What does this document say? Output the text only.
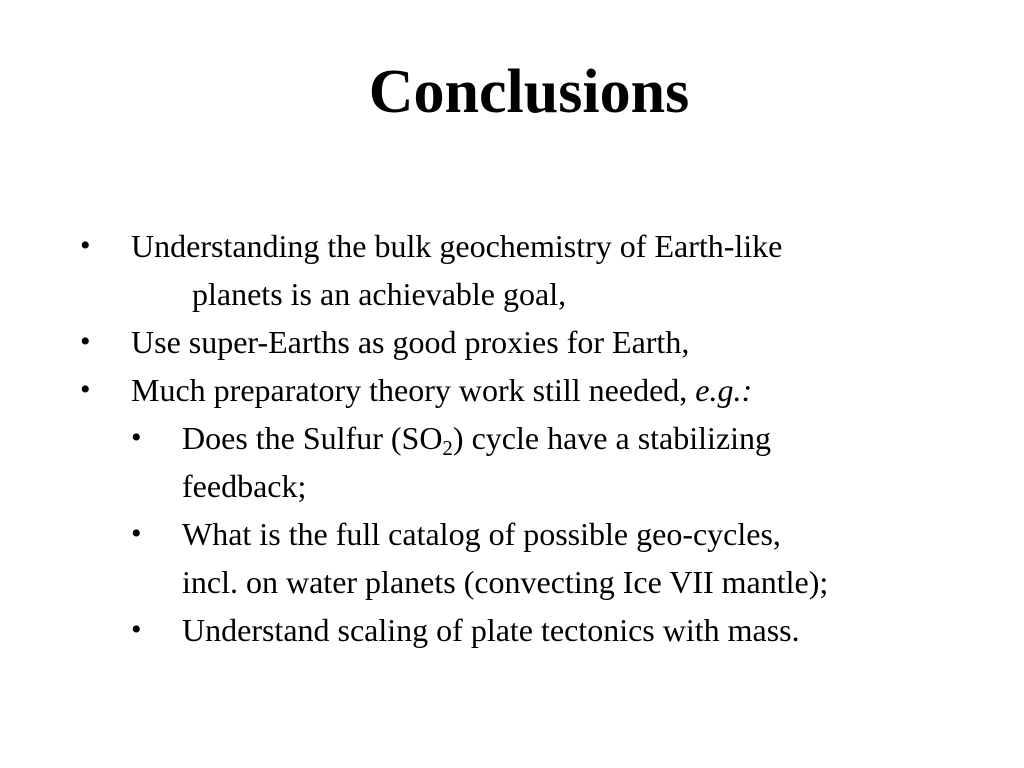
Conclusions
• Understanding the bulk geochemistry of Earth-like
planets is an achievable goal,
• Use super-Earths as good proxies for Earth,
• Much preparatory theory work still needed, e.g.:
• Does the Sulfur $(SO_2)$ cycle have a stabilizing
feedback;
• What is the full catalog of possible geo-cycles,
incl. on water planets (convecting Ice VII mantle);
• Understand scaling of plate tectonics with mass.
